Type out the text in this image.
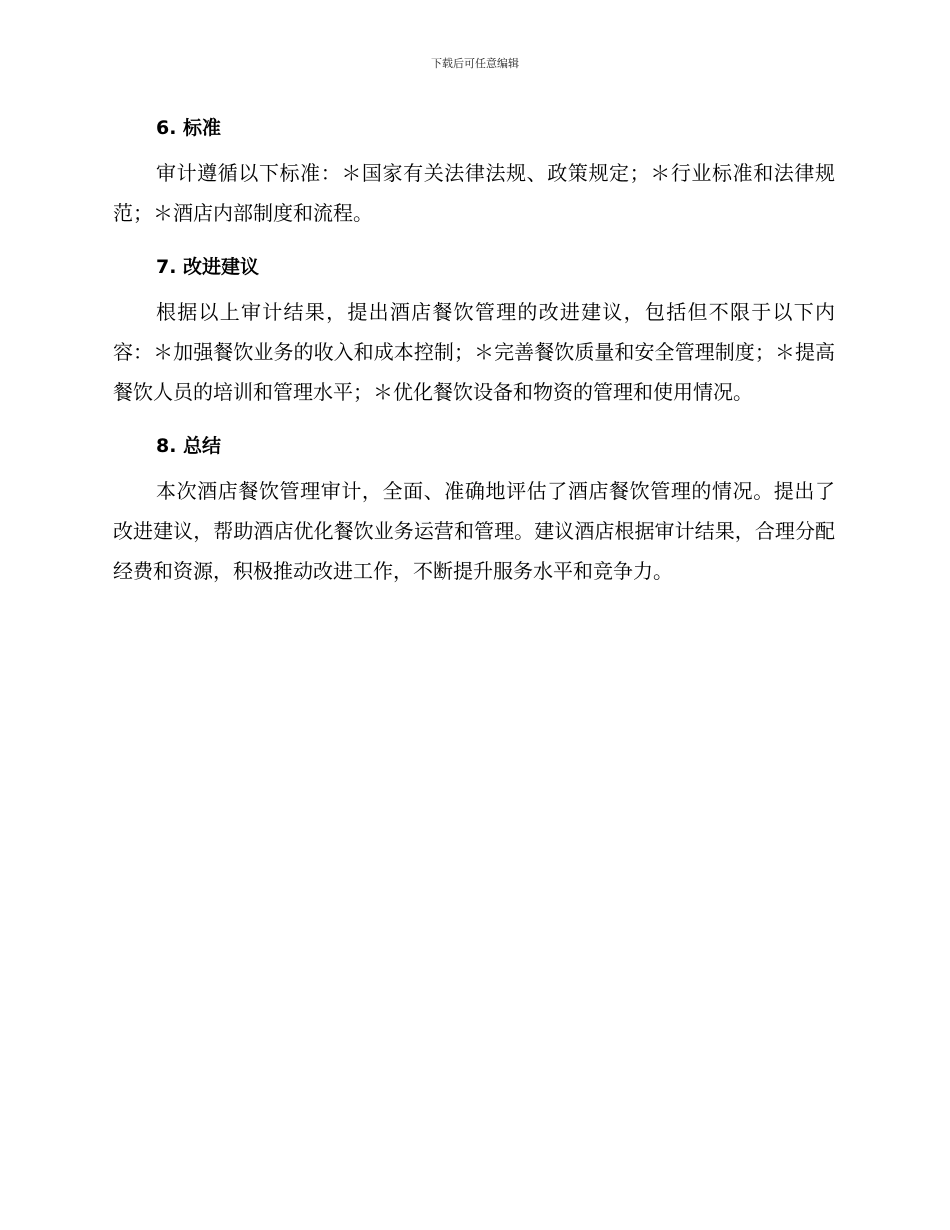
下载后可任意编辑
6. 标准

审计遵循以下标准：＊国家有关法律法规、政策规定；＊行业标准和法律规范；＊酒店内部制度和流程。

7. 改进建议

根据以上审计结果，提出酒店餐饮管理的改进建议，包括但不限于以下内容：＊加强餐饮业务的收入和成本控制；＊完善餐饮质量和安全管理制度；＊提高餐饮人员的培训和管理水平；＊优化餐饮设备和物资的管理和使用情况。

8. 总结

本次酒店餐饮管理审计，全面、准确地评估了酒店餐饮管理的情况。提出了改进建议，帮助酒店优化餐饮业务运营和管理。建议酒店根据审计结果，合理分配经费和资源，积极推动改进工作，不断提升服务水平和竞争力。
